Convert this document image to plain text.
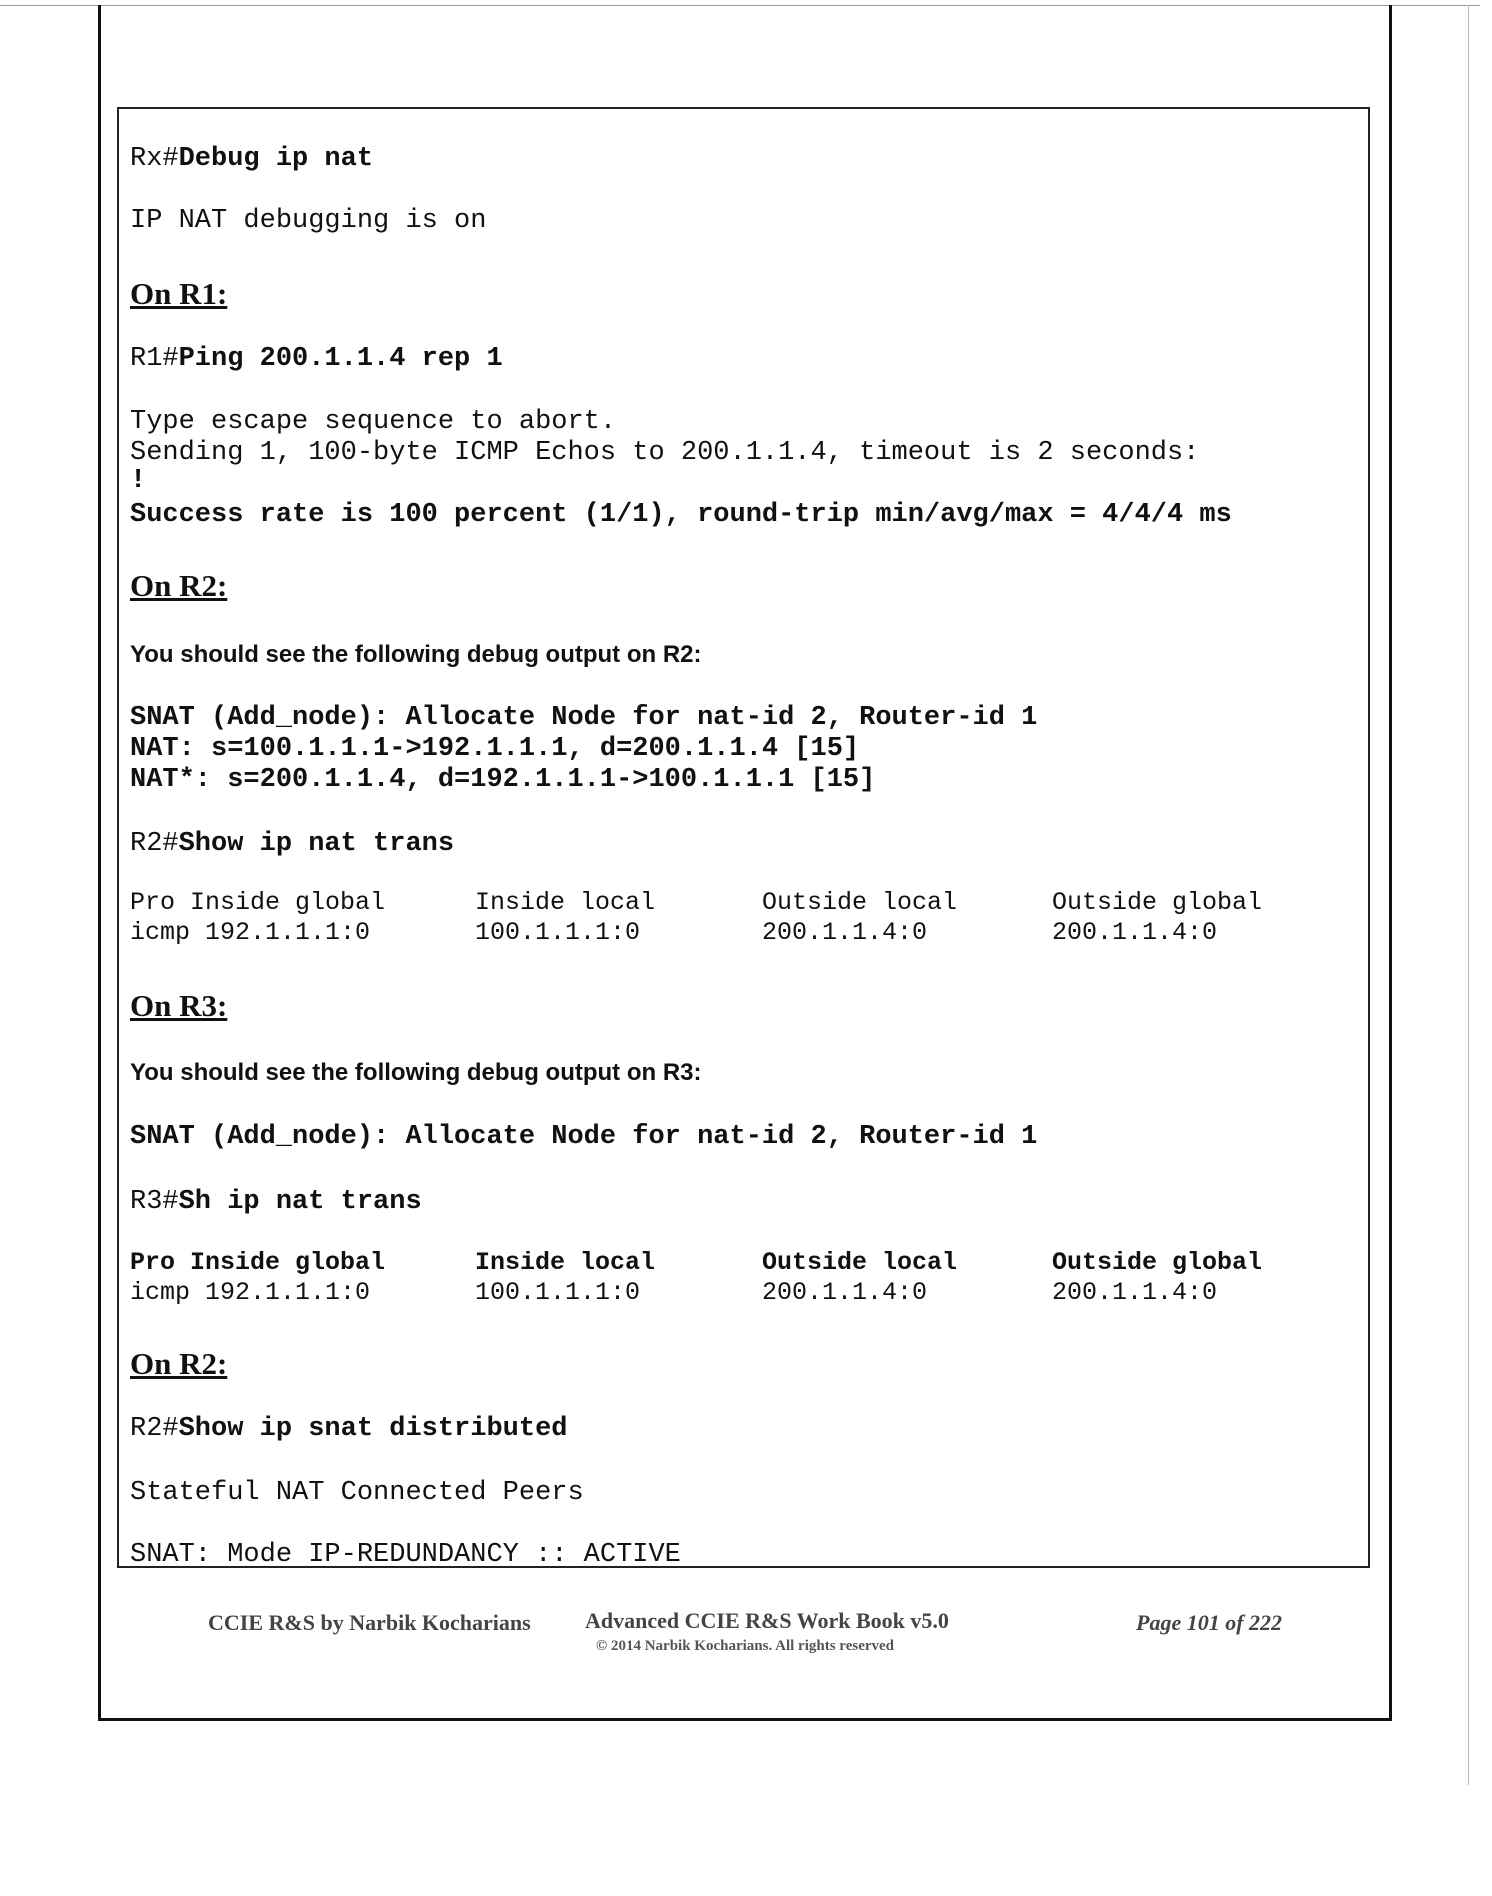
Rx#Debug ip nat
IP NAT debugging is on
On R1:
R1#Ping 200.1.1.4 rep 1
Type escape sequence to abort.
Sending 1, 100-byte ICMP Echos to 200.1.1.4, timeout is 2 seconds:
!
Success rate is 100 percent (1/1), round-trip min/avg/max = 4/4/4 ms
On R2:
You should see the following debug output on R2:
SNAT (Add_node): Allocate Node for nat-id 2, Router-id 1
NAT: s=100.1.1.1->192.1.1.1, d=200.1.1.4 [15]
NAT*: s=200.1.1.4, d=192.1.1.1->100.1.1.1 [15]
R2#Show ip nat trans
Pro Inside global	Inside local	Outside local	Outside global
icmp 192.1.1.1:0	100.1.1.1:0	200.1.1.4:0	200.1.1.4:0
On R3:
You should see the following debug output on R3:
SNAT (Add_node): Allocate Node for nat-id 2, Router-id 1
R3#Sh ip nat trans
Pro Inside global	Inside local	Outside local	Outside global
icmp 192.1.1.1:0	100.1.1.1:0	200.1.1.4:0	200.1.1.4:0
On R2:
R2#Show ip snat distributed
Stateful NAT Connected Peers
SNAT: Mode IP-REDUNDANCY :: ACTIVE
CCIE R&S by Narbik Kocharians Advanced CCIE R&S Work Book v5.0
© 2014 Narbik Kocharians. All rights reserved
Page 101 of 222
